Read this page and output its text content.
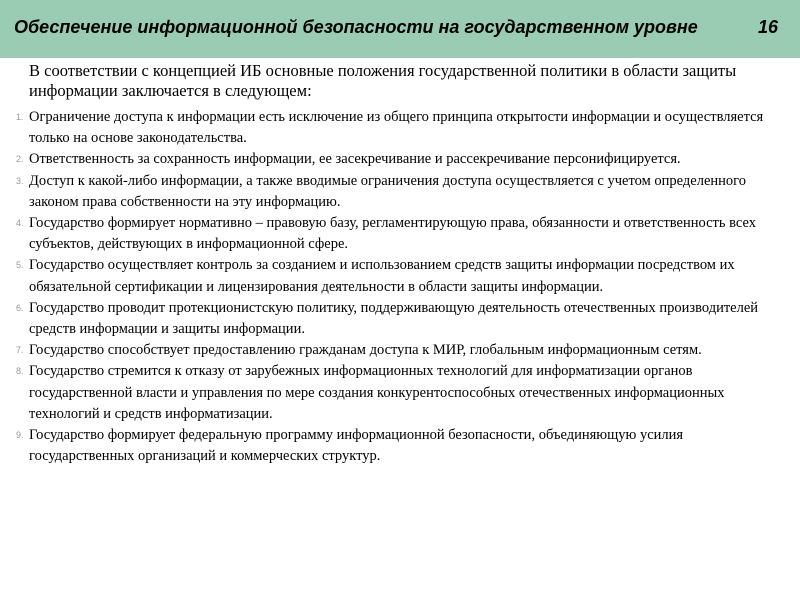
Обеспечение информационной безопасности на государственном уровне	16
В соответствии с концепцией ИБ основные положения государственной политики в области защиты информации заключается в следующем:
1. Ограничение доступа к информации есть исключение из общего принципа открытости информации и осуществляется только на основе законодательства.
2. Ответственность за сохранность информации, ее засекречивание и рассекречивание персонифицируется.
3. Доступ к какой-либо информации, а также вводимые ограничения доступа осуществляется с учетом определенного законом права собственности на эту информацию.
4. Государство формирует нормативно – правовую базу, регламентирующую права, обязанности и ответственность всех субъектов, действующих в информационной сфере.
5. Государство осуществляет контроль за созданием и использованием средств защиты информации посредством их обязательной сертификации и лицензирования деятельности в области защиты информации.
6. Государство проводит протекционистскую политику, поддерживающую деятельность отечественных производителей средств информации и защиты информации.
7. Государство способствует предоставлению гражданам доступа к МИР, глобальным информационным сетям.
8. Государство стремится к отказу от зарубежных информационных технологий для информатизации органов государственной власти и управления по мере создания конкурентоспособных отечественных информационных технологий и средств информатизации.
9. Государство формирует федеральную программу информационной безопасности, объединяющую усилия государственных организаций и коммерческих структур.
